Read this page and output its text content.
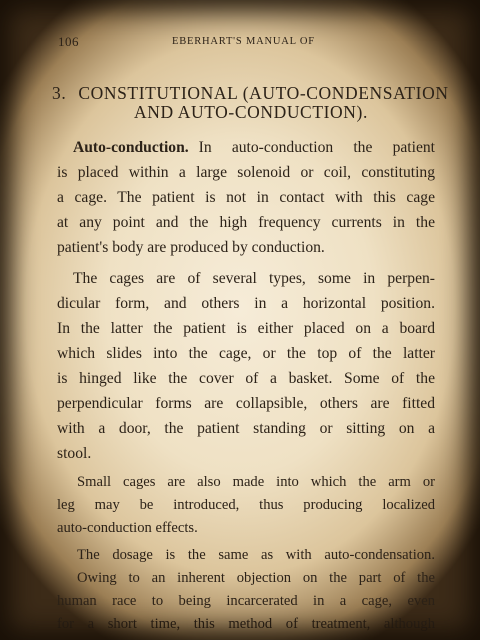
106	EBERHART'S MANUAL OF
3. CONSTITUTIONAL (AUTO-CONDENSATION
AND AUTO-CONDUCTION).
Auto-conduction. In auto-conduction the patient
is placed within a large solenoid or coil, constituting
a cage. The patient is not in contact with this cage
at any point and the high frequency currents in the
patient's body are produced by conduction.
The cages are of several types, some in perpen-
dicular form, and others in a horizontal position.
In the latter the patient is either placed on a board
which slides into the cage, or the top of the latter
is hinged like the cover of a basket. Some of the
perpendicular forms are collapsible, others are fitted
with a door, the patient standing or sitting on a
stool.
Small cages are also made into which the arm or
leg may be introduced, thus producing localized
auto-conduction effects.
The dosage is the same as with auto-condensation.
Owing to an inherent objection on the part of the
human race to being incarcerated in a cage, even
for a short time, this method of treatment, although
